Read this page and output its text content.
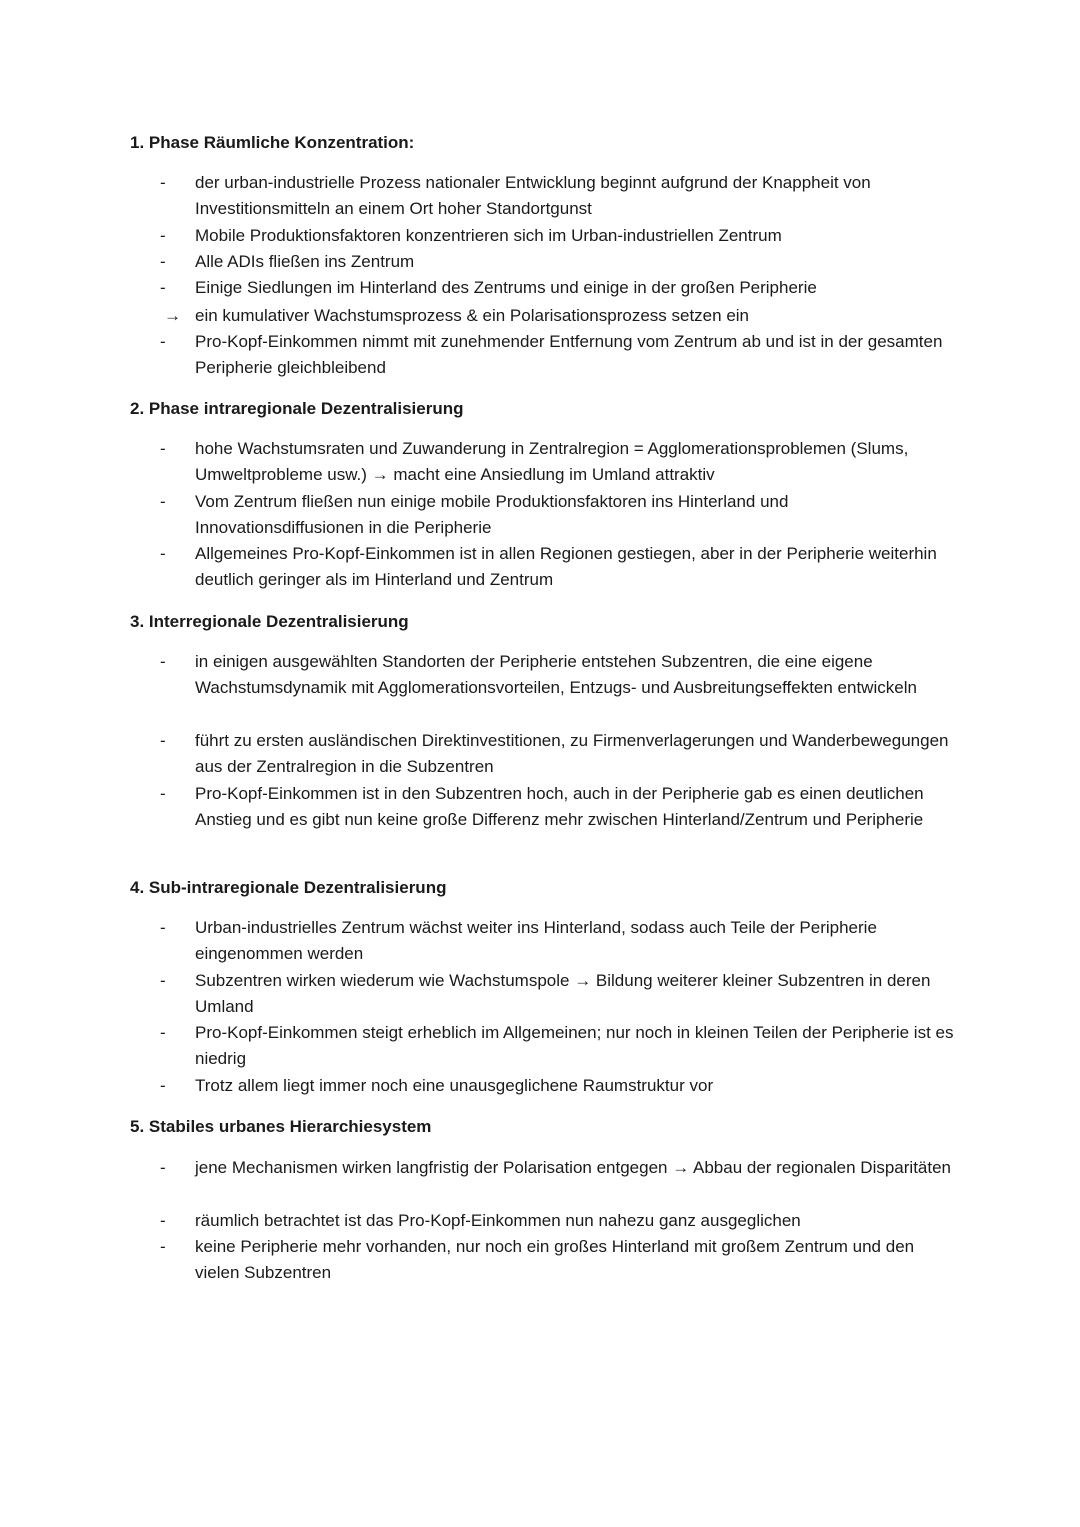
1. Phase Räumliche Konzentration:
-	der urban-industrielle Prozess nationaler Entwicklung beginnt aufgrund der Knappheit von Investitionsmitteln an einem Ort hoher Standortgunst
-	Mobile Produktionsfaktoren konzentrieren sich im Urban-industriellen Zentrum
-	Alle ADIs fließen ins Zentrum
-	Einige Siedlungen im Hinterland des Zentrums und einige in der großen Peripherie
→ ein kumulativer Wachstumsprozess & ein Polarisationsprozess setzen ein
-	Pro-Kopf-Einkommen nimmt mit zunehmender Entfernung vom Zentrum ab und ist in der gesamten Peripherie gleichbleibend
2. Phase intraregionale Dezentralisierung
-	hohe Wachstumsraten und Zuwanderung in Zentralregion = Agglomerationsproblemen (Slums, Umweltprobleme usw.) → macht eine Ansiedlung im Umland attraktiv
-	Vom Zentrum fließen nun einige mobile Produktionsfaktoren ins Hinterland und Innovationsdiffusionen in die Peripherie
-	Allgemeines Pro-Kopf-Einkommen ist in allen Regionen gestiegen, aber in der Peripherie weiterhin deutlich geringer als im Hinterland und Zentrum
3. Interregionale Dezentralisierung
-	in einigen ausgewählten Standorten der Peripherie entstehen Subzentren, die eine eigene Wachstumsdynamik mit Agglomerationsvorteilen, Entzugs- und Ausbreitungseffekten entwickeln
-	führt zu ersten ausländischen Direktinvestitionen, zu Firmenverlagerungen und Wanderbewegungen aus der Zentralregion in die Subzentren
-	Pro-Kopf-Einkommen ist in den Subzentren hoch, auch in der Peripherie gab es einen deutlichen Anstieg und es gibt nun keine große Differenz mehr zwischen Hinterland/Zentrum und Peripherie
4. Sub-intraregionale Dezentralisierung
-	Urban-industrielles Zentrum wächst weiter ins Hinterland, sodass auch Teile der Peripherie eingenommen werden
-	Subzentren wirken wiederum wie Wachstumspole → Bildung weiterer kleiner Subzentren in deren Umland
-	Pro-Kopf-Einkommen steigt erheblich im Allgemeinen; nur noch in kleinen Teilen der Peripherie ist es niedrig
-	Trotz allem liegt immer noch eine unausgeglichene Raumstruktur vor
5. Stabiles urbanes Hierarchiesystem
-	jene Mechanismen wirken langfristig der Polarisation entgegen → Abbau der regionalen Disparitäten
-	räumlich betrachtet ist das Pro-Kopf-Einkommen nun nahezu ganz ausgeglichen
-	keine Peripherie mehr vorhanden, nur noch ein großes Hinterland mit großem Zentrum und den vielen Subzentren
